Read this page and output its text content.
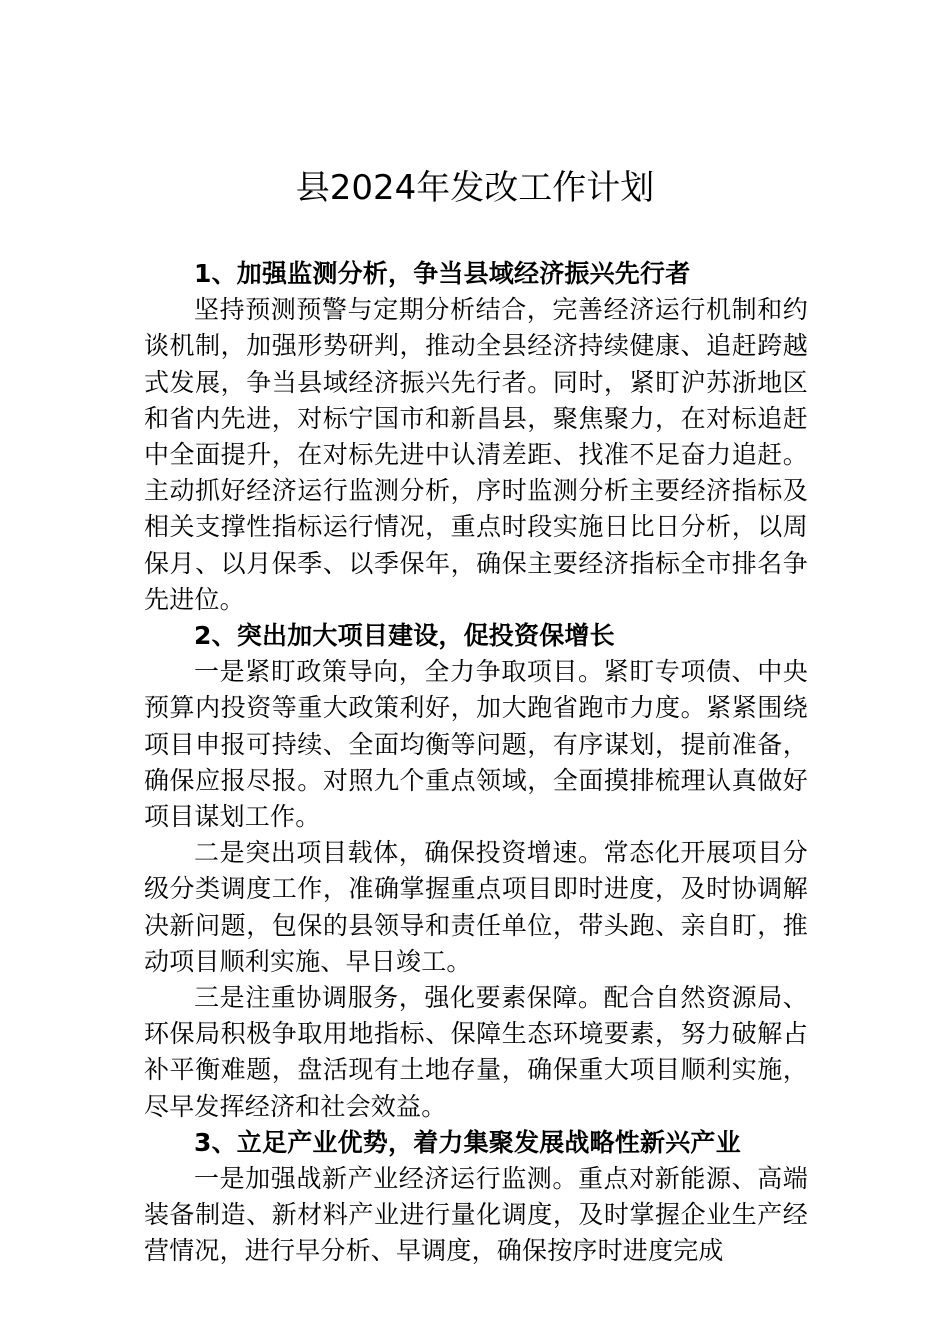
县2024年发改工作计划

1、加强监测分析，争当县域经济振兴先行者

坚持预测预警与定期分析结合，完善经济运行机制和约谈机制，加强形势研判，推动全县经济持续健康、追赶跨越式发展，争当县域经济振兴先行者。同时，紧盯沪苏浙地区和省内先进，对标宁国市和新昌县，聚焦聚力，在对标追赶中全面提升，在对标先进中认清差距、找准不足奋力追赶。主动抓好经济运行监测分析，序时监测分析主要经济指标及相关支撑性指标运行情况，重点时段实施日比日分析，以周保月、以月保季、以季保年，确保主要经济指标全市排名争先进位。

2、突出加大项目建设，促投资保增长

一是紧盯政策导向，全力争取项目。紧盯专项债、中央预算内投资等重大政策利好，加大跑省跑市力度。紧紧围绕项目申报可持续、全面均衡等问题，有序谋划，提前准备，确保应报尽报。对照九个重点领域，全面摸排梳理认真做好项目谋划工作。

二是突出项目载体，确保投资增速。常态化开展项目分级分类调度工作，准确掌握重点项目即时进度，及时协调解决新问题，包保的县领导和责任单位，带头跑、亲自盯，推动项目顺利实施、早日竣工。

三是注重协调服务，强化要素保障。配合自然资源局、环保局积极争取用地指标、保障生态环境要素，努力破解占补平衡难题，盘活现有土地存量，确保重大项目顺利实施，尽早发挥经济和社会效益。

3、立足产业优势，着力集聚发展战略性新兴产业

一是加强战新产业经济运行监测。重点对新能源、高端装备制造、新材料产业进行量化调度，及时掌握企业生产经营情况，进行早分析、早调度，确保按序时进度完成
